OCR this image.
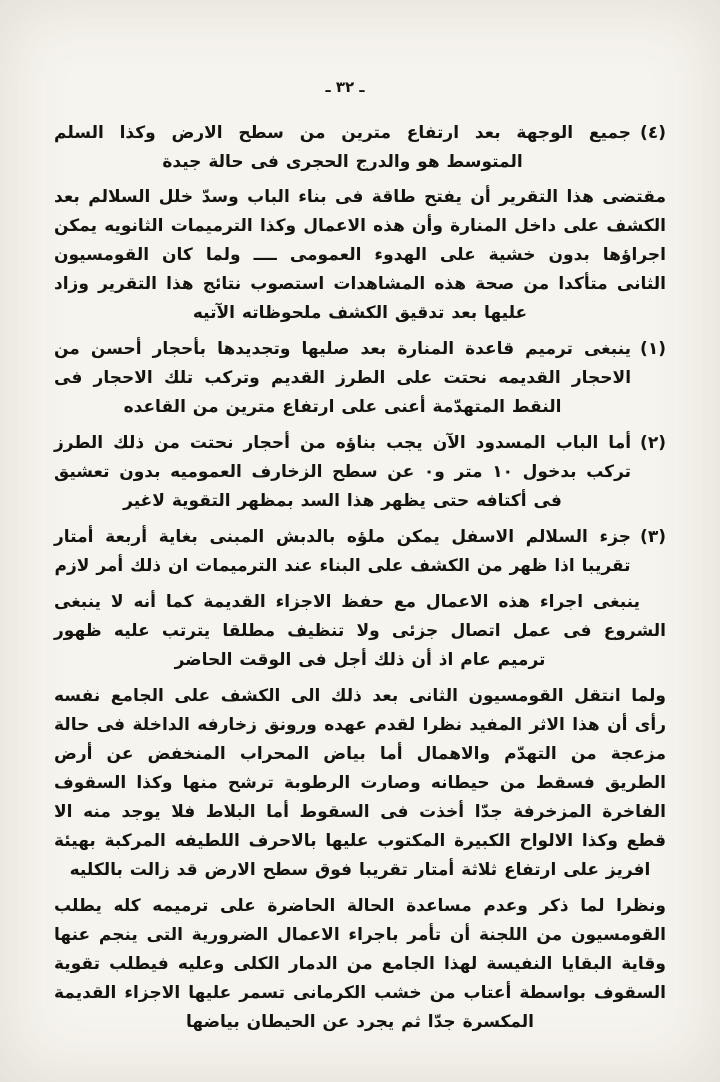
ـ ٣٢ ـ
(٤)
جميع الوجهة بعد ارتفاع مترين من سطح الارض وكذا السلم المتوسط هو والدرج الحجرى فى حالة جيدة
مقتضى هذا التقرير أن يفتح طاقة فى بناء الباب وسدّ خلل السلالم بعد الكشف على داخل المنارة وأن هذه الاعمال وكذا الترميمات الثانويه يمكن اجراؤها بدون خشية على الهدوء العمومى ــــ ولما كان القومسيون الثانى متأكدا من صحة هذه المشاهدات استصوب نتائج هذا التقرير وزاد عليها بعد تدقيق الكشف ملحوظاته الآتيه
(١)
ينبغى ترميم قاعدة المنارة بعد صليها وتجديدها بأحجار أحسن من الاحجار القديمه نحتت على الطرز القديم وتركب تلك الاحجار فى النقط المتهدّمة أعنى على ارتفاع مترين من القاعده
(٢)
أما الباب المسدود الآن يجب بناؤه من أحجار نحتت من ذلك الطرز تركب بدخول ١٠ متر و٠ عن سطح الزخارف العموميه بدون تعشيق فى أكتافه حتى يظهر هذا السد بمظهر التقوية لاغير
(٣)
جزء السلالم الاسفل يمكن ملؤه بالدبش المبنى بغاية أربعة أمتار تقريبا اذا ظهر من الكشف على البناء عند الترميمات ان ذلك أمر لازم
ينبغى اجراء هذه الاعمال مع حفظ الاجزاء القديمة كما أنه لا ينبغى الشروع فى عمل اتصال جزئى ولا تنظيف مطلقا يترتب عليه ظهور ترميم عام اذ أن ذلك أجل فى الوقت الحاضر
ولما انتقل القومسيون الثانى بعد ذلك الى الكشف على الجامع نفسه رأى أن هذا الاثر المفيد نظرا لقدم عهده ورونق زخارفه الداخلة فى حالة مزعجة من التهدّم والاهمال أما بياض المحراب المنخفض عن أرض الطريق فسقط من حيطانه وصارت الرطوبة ترشح منها وكذا السقوف الفاخرة المزخرفة جدّا أخذت فى السقوط أما البلاط فلا يوجد منه الا قطع وكذا الالواح الكبيرة المكتوب عليها بالاحرف اللطيفه المركبة بهيئة افريز على ارتفاع ثلاثة أمتار تقريبا فوق سطح الارض قد زالت بالكليه
ونظرا لما ذكر وعدم مساعدة الحالة الحاضرة على ترميمه كله يطلب القومسيون من اللجنة أن تأمر باجراء الاعمال الضرورية التى ينجم عنها وقاية البقايا النفيسة لهذا الجامع من الدمار الكلى وعليه فيطلب تقوية السقوف بواسطة أعتاب من خشب الكرمانى تسمر عليها الاجزاء القديمة المكسرة جدّا ثم يجرد عن الحيطان بياضها
